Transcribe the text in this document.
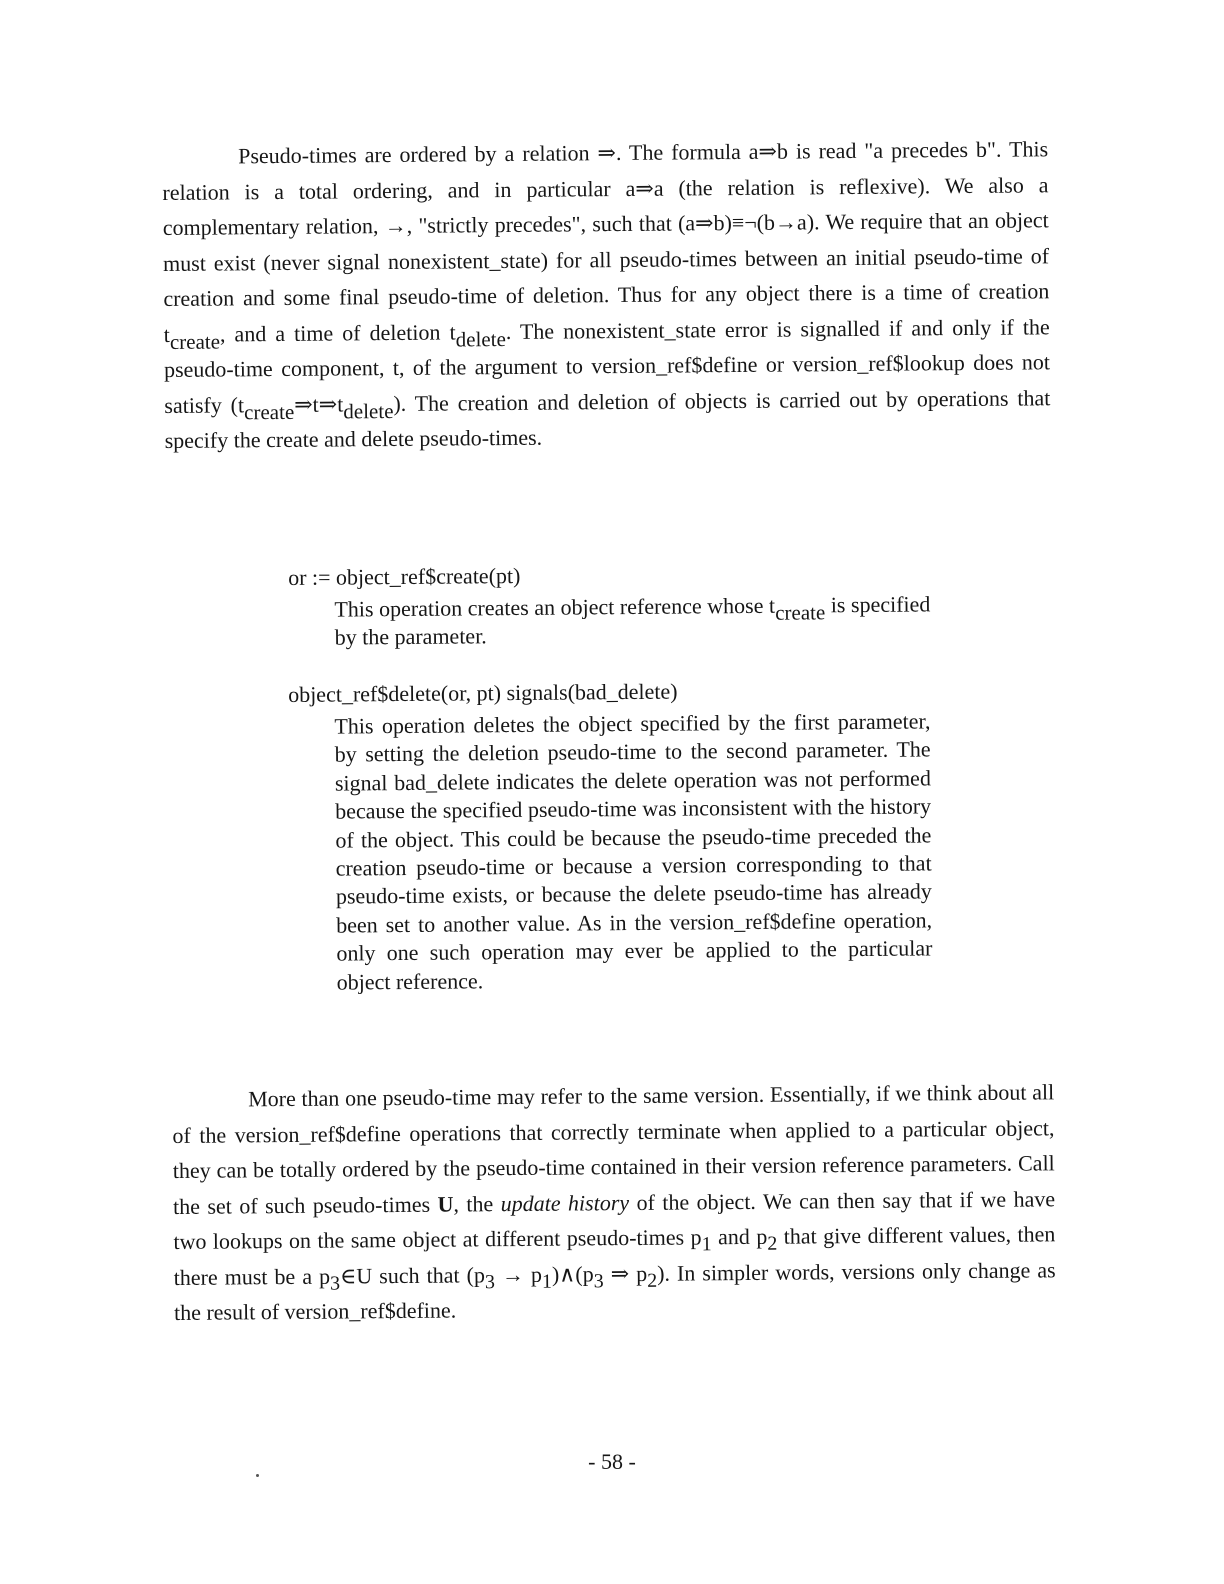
Pseudo-times are ordered by a relation ⇒. The formula a⇒b is read "a precedes b". This relation is a total ordering, and in particular a⇒a (the relation is reflexive). We also a complementary relation, →, "strictly precedes", such that (a⇒b)≡¬(b→a). We require that an object must exist (never signal nonexistent_state) for all pseudo-times between an initial pseudo-time of creation and some final pseudo-time of deletion. Thus for any object there is a time of creation $t_{create}$, and a time of deletion $t_{delete}$. The nonexistent_state error is signalled if and only if the pseudo-time component, t, of the argument to version_ref$define or version_ref$lookup does not satisfy $(t_{create}\Rightarrow t\Rightarrow t_{delete})$. The creation and deletion of objects is carried out by operations that specify the create and delete pseudo-times.

or := object_ref$create(pt)

This operation creates an object reference whose $t_{create}$ is specified by the parameter.

object_ref$delete(or, pt) signals(bad_delete)

This operation deletes the object specified by the first parameter, by setting the deletion pseudo-time to the second parameter. The signal bad_delete indicates the delete operation was not performed because the specified pseudo-time was inconsistent with the history of the object. This could be because the pseudo-time preceded the creation pseudo-time or because a version corresponding to that pseudo-time exists, or because the delete pseudo-time has already been set to another value. As in the version_ref$define operation, only one such operation may ever be applied to the particular object reference.

More than one pseudo-time may refer to the same version. Essentially, if we think about all of the version_ref$define operations that correctly terminate when applied to a particular object, they can be totally ordered by the pseudo-time contained in their version reference parameters. Call the set of such pseudo-times U, the update history of the object. We can then say that if we have two lookups on the same object at different pseudo-times $p_1$ and $p_2$ that give different values, then there must be a $p_3\in U$ such that ($p_3$ → $p_1)\wedge(p_3$ ⇒ $p_2$). In simpler words, versions only change as the result of version_ref$define.

- 58 -
